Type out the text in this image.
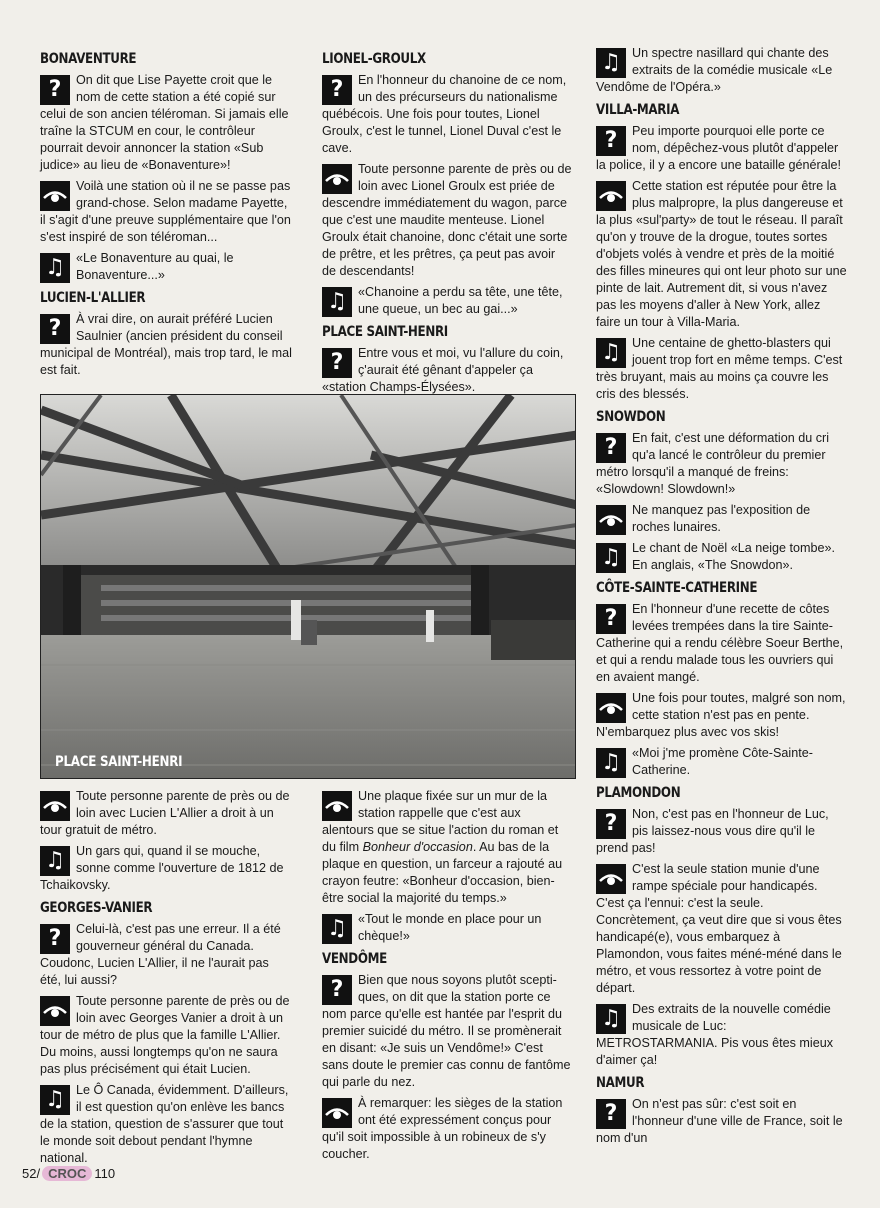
BONAVENTURE
?	On dit que Lise Payette croit que le nom de cette station a été copié sur celui de son ancien téléroman. Si jamais elle traîne la STCUM en cour, le contrôleur pourrait devoir annoncer la station «Sub judice» au lieu de «Bonaventure»!
Voilà une station où il ne se passe pas grand-chose. Selon madame Payette, il s'agit d'une preuve supplémentaire que l'on s'est inspiré de son téléroman...
♫ «Le Bonaventure au quai, le Bonaventure...»
LUCIEN-L'ALLIER
?	À vrai dire, on aurait préféré Lucien Saulnier (ancien président du conseil municipal de Montréal), mais trop tard, le mal est fait.
LIONEL-GROULX
?	En l'honneur du chanoine de ce nom, un des précurseurs du nationalisme québécois. Une fois pour toutes, Lionel Groulx, c'est le tunnel, Lionel Duval c'est le cave.
Toute personne parente de près ou de loin avec Lionel Groulx est priée de descendre immédiatement du wagon, parce que c'est une maudite menteuse. Lionel Groulx était chanoine, donc c'était une sorte de prêtre, et les prêtres, ça peut pas avoir de descendants!
♫ «Chanoine a perdu sa tête, une tête, une queue, un bec au gai...»
PLACE SAINT-HENRI
?	Entre vous et moi, vu l'allure du coin, ç'aurait été gênant d'appeler ça «station Champs-Élysées».
PLACE SAINT-HENRI
Toute personne parente de près ou de loin avec Lucien L'Allier a droit à un tour gratuit de métro.
♫ Un gars qui, quand il se mouche, sonne comme l'ouverture de 1812 de Tchaikovsky.
GEORGES-VANIER
?	Celui-là, c'est pas une erreur. Il a été gouverneur général du Canada. Coudonc, Lucien L'Allier, il ne l'aurait pas été, lui aussi?
Toute personne parente de près ou de loin avec Georges Vanier a droit à un tour de métro de plus que la famille L'Allier. Du moins, aussi longtemps qu'on ne saura pas plus précisément qui était Lucien.
♫ Le Ô Canada, évidemment. D'ailleurs, il est question qu'on enlève les bancs de la station, question de s'assurer que tout le monde soit debout pendant l'hymne national.
Une plaque fixée sur un mur de la station rappelle que c'est aux alentours que se situe l'action du roman et du film Bonheur d'occasion. Au bas de la plaque en question, un farceur a rajouté au crayon feutre: «Bonheur d'occasion, bien-être social la majorité du temps.»
♫ «Tout le monde en place pour un chèque!»
VENDÔME
?	Bien que nous soyons plutôt scepti-ques, on dit que la station porte ce nom parce qu'elle est hantée par l'esprit du premier suicidé du métro. Il se promènerait en disant: «Je suis un Vendôme!» C'est sans doute le premier cas connu de fantôme qui parle du nez.
À remarquer: les sièges de la station ont été expressément conçus pour qu'il soit impossible à un robineux de s'y coucher.
♫ Un spectre nasillard qui chante des extraits de la comédie musicale «Le Vendôme de l'Opéra.»
VILLA-MARIA
?	Peu importe pourquoi elle porte ce nom, dépêchez-vous plutôt d'appeler la police, il y a encore une bataille générale!
Cette station est réputée pour être la plus malpropre, la plus dangereuse et la plus «sul'party» de tout le réseau. Il paraît qu'on y trouve de la drogue, toutes sortes d'objets volés à vendre et près de la moitié des filles mineures qui ont leur photo sur une pinte de lait. Autrement dit, si vous n'avez pas les moyens d'aller à New York, allez faire un tour à Villa-Maria.
♫ Une centaine de ghetto-blasters qui jouent trop fort en même temps. C'est très bruyant, mais au moins ça couvre les cris des blessés.
SNOWDON
?	En fait, c'est une déformation du cri qu'a lancé le contrôleur du premier métro lorsqu'il a manqué de freins: «Slowdown! Slowdown!»
Ne manquez pas l'exposition de roches lunaires.
♫ Le chant de Noël «La neige tombe». En anglais, «The Snowdon».
CÔTE-SAINTE-CATHERINE
?	En l'honneur d'une recette de côtes levées trempées dans la tire Sainte-Catherine qui a rendu célèbre Soeur Berthe, et qui a rendu malade tous les ouvriers qui en avaient mangé.
Une fois pour toutes, malgré son nom, cette station n'est pas en pente. N'embarquez plus avec vos skis!
♫ «Moi j'me promène Côte-Sainte-Catherine.
PLAMONDON
?	Non, c'est pas en l'honneur de Luc, pis laissez-nous vous dire qu'il le prend pas!
C'est la seule station munie d'une rampe spéciale pour handicapés. C'est ça l'ennui: c'est la seule. Concrètement, ça veut dire que si vous êtes handicapé(e), vous embarquez à Plamondon, vous faites méné-méné dans le métro, et vous ressortez à votre point de départ.
♫ Des extraits de la nouvelle comédie musicale de Luc: METROSTARMANIA. Pis vous êtes mieux d'aimer ça!
NAMUR
?	On n'est pas sûr: c'est soit en l'honneur d'une ville de France, soit le nom d'un
52 / CROC 110
